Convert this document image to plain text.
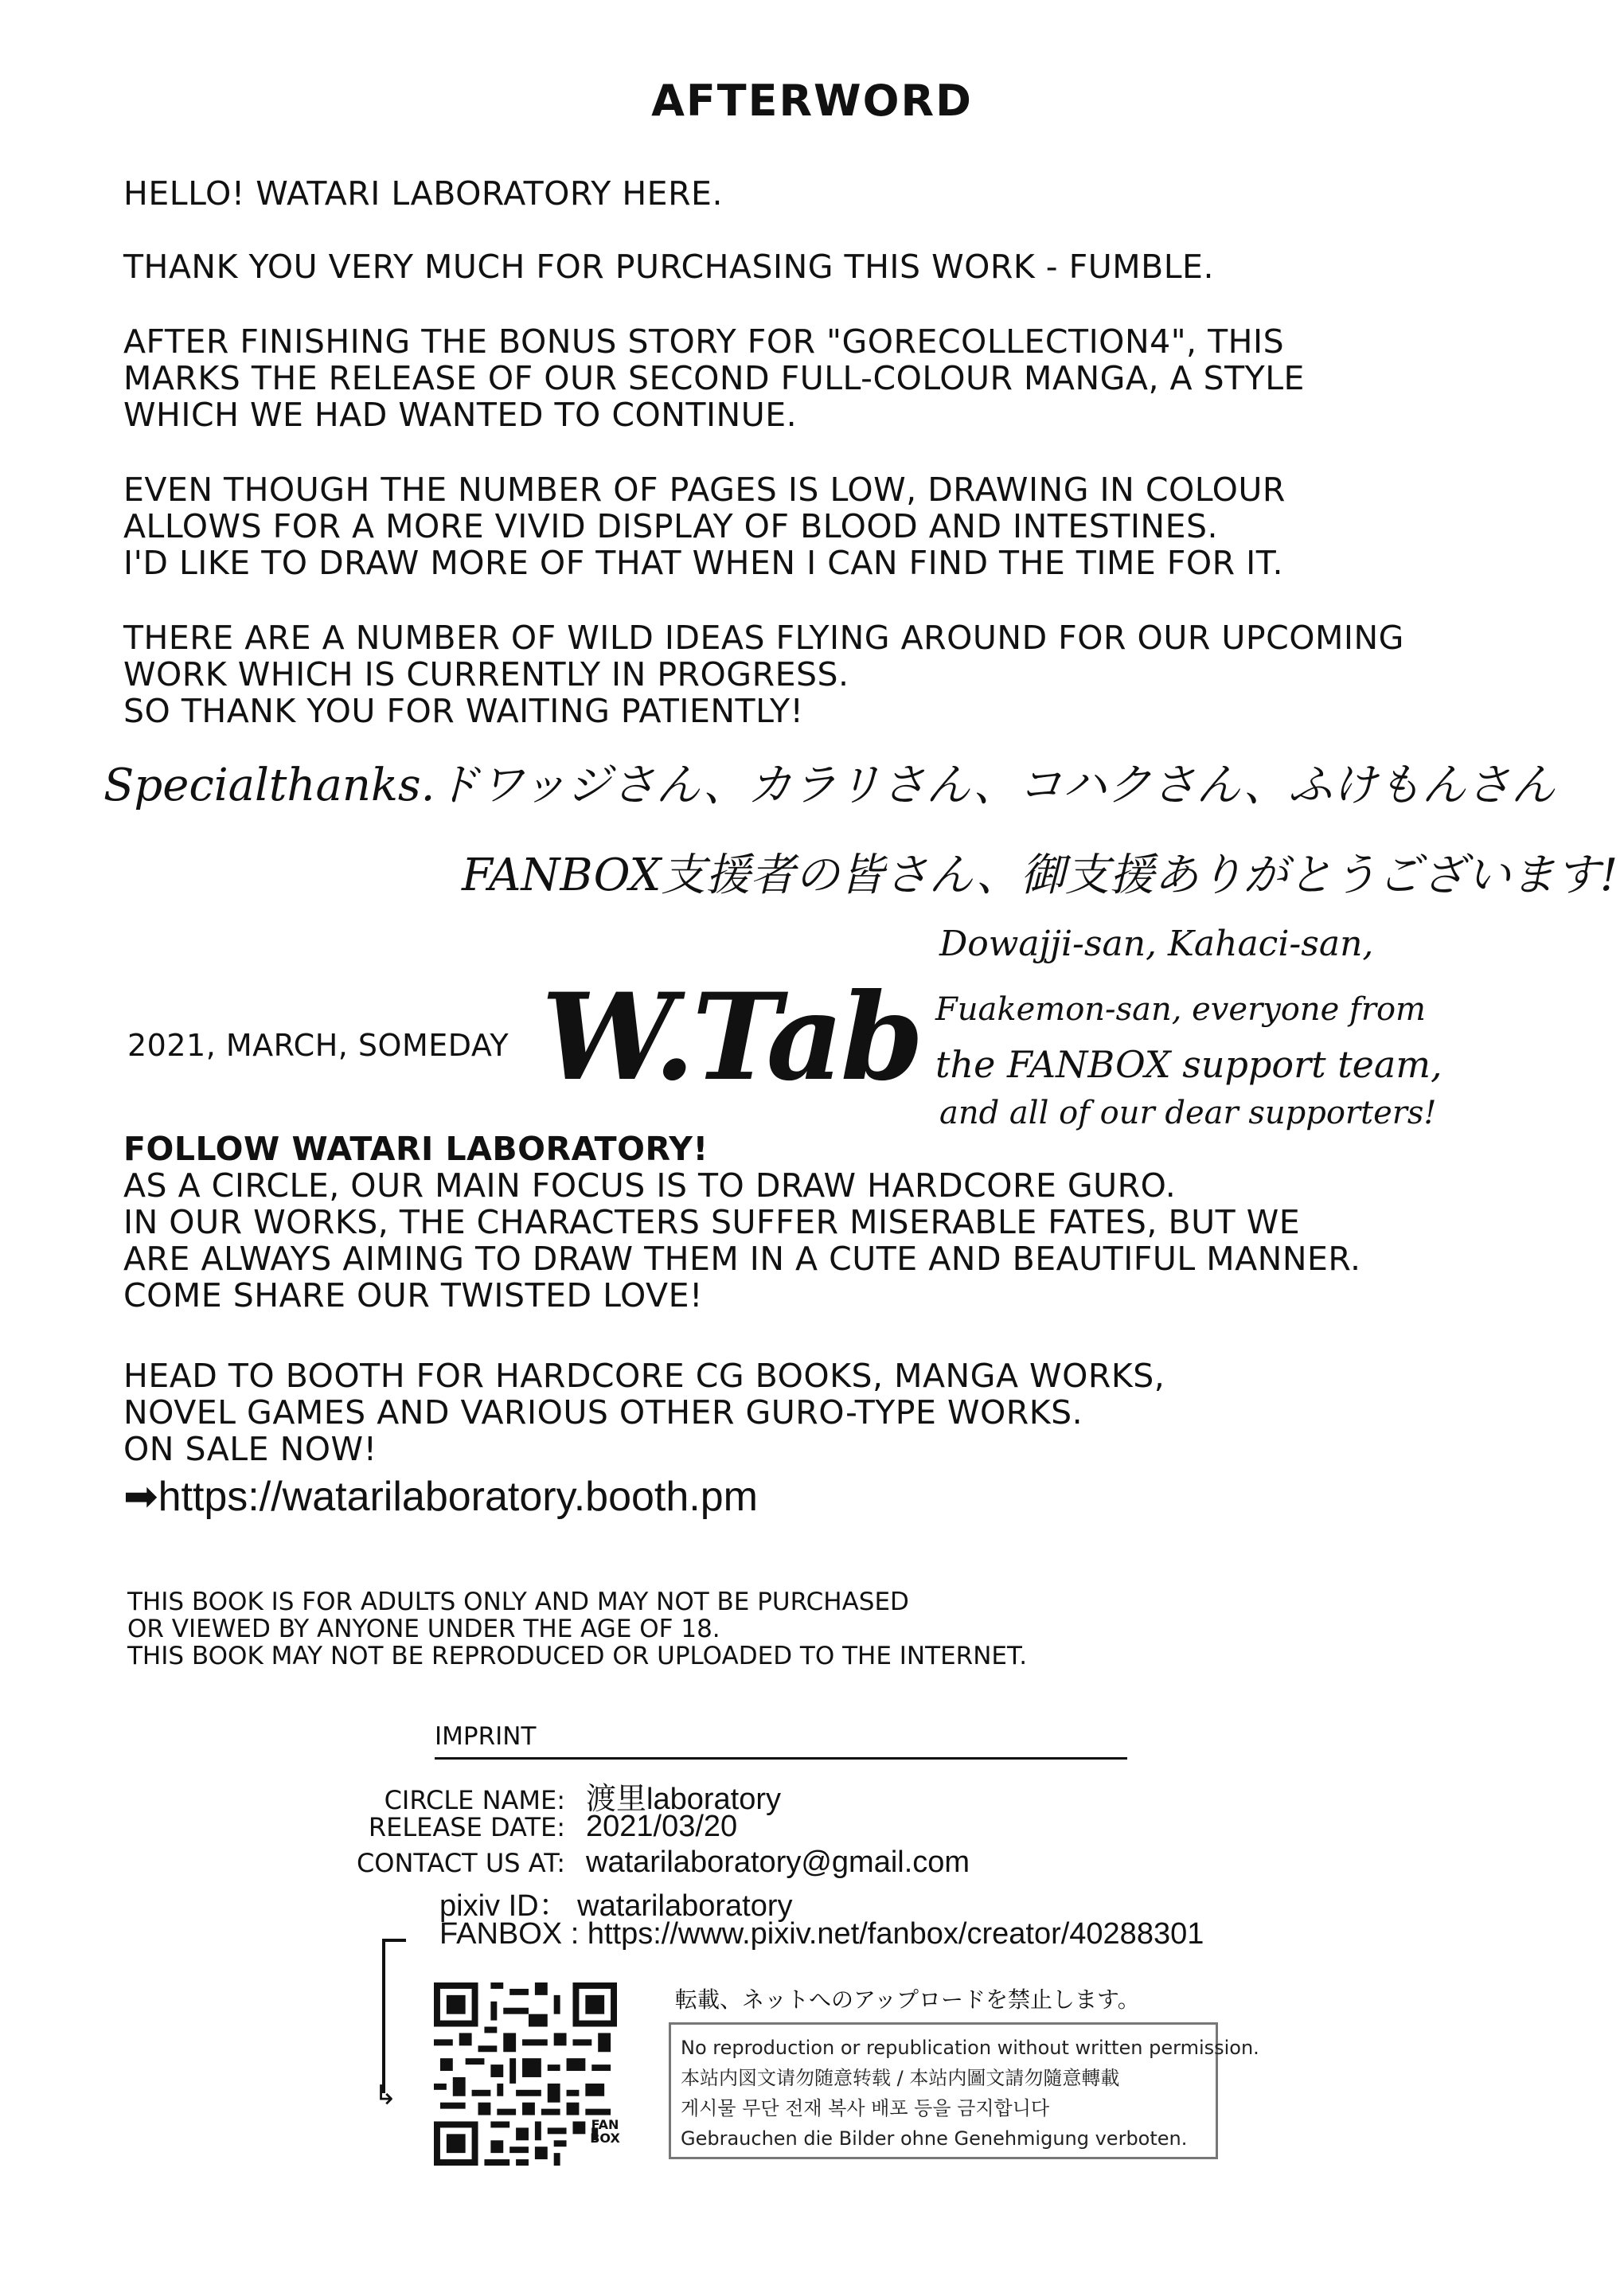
AFTERWORD
HELLO! WATARI LABORATORY HERE.
THANK YOU VERY MUCH FOR PURCHASING THIS WORK - FUMBLE.
AFTER FINISHING THE BONUS STORY FOR "GORECOLLECTION4", THIS
MARKS THE RELEASE OF OUR SECOND FULL-COLOUR MANGA, A STYLE
WHICH WE HAD WANTED TO CONTINUE.
EVEN THOUGH THE NUMBER OF PAGES IS LOW, DRAWING IN COLOUR
ALLOWS FOR A MORE VIVID DISPLAY OF BLOOD AND INTESTINES.
I'D LIKE TO DRAW MORE OF THAT WHEN I CAN FIND THE TIME FOR IT.
THERE ARE A NUMBER OF WILD IDEAS FLYING AROUND FOR OUR UPCOMING
WORK WHICH IS CURRENTLY IN PROGRESS.
SO THANK YOU FOR WAITING PATIENTLY!
Specialthanks.ドワッジさん、カラリさん、コハクさん、ふけもんさん
FANBOX支援者の皆さん、御支援ありがとうございます!
2021, MARCH, SOMEDAY W.Tab
Dowajji-san, Kahaci-san,
Fuakemon-san, everyone from
the FANBOX support team,
and all of our dear supporters!
FOLLOW WATARI LABORATORY!
AS A CIRCLE, OUR MAIN FOCUS IS TO DRAW HARDCORE GURO.
IN OUR WORKS, THE CHARACTERS SUFFER MISERABLE FATES, BUT WE
ARE ALWAYS AIMING TO DRAW THEM IN A CUTE AND BEAUTIFUL MANNER.
COME SHARE OUR TWISTED LOVE!
HEAD TO BOOTH FOR HARDCORE CG BOOKS, MANGA WORKS,
NOVEL GAMES AND VARIOUS OTHER GURO-TYPE WORKS.
ON SALE NOW!
➡https://watarilaboratory.booth.pm
THIS BOOK IS FOR ADULTS ONLY AND MAY NOT BE PURCHASED
OR VIEWED BY ANYONE UNDER THE AGE OF 18.
THIS BOOK MAY NOT BE REPRODUCED OR UPLOADED TO THE INTERNET.
IMPRINT
CIRCLE NAME: 渡里laboratory
RELEASE DATE: 2021/03/20
CONTACT US AT: watarilaboratory@gmail.com
pixiv ID： watarilaboratory
FANBOX : https://www.pixiv.net/fanbox/creator/40288301
↳
FAN
BOX
転載、ネットへのアップロードを禁止します。
No reproduction or republication without written permission.
本站内図文请勿随意转载 / 本站内圖文請勿隨意轉載
게시물 무단 전재 복사 배포 등을 금지합니다
Gebrauchen die Bilder ohne Genehmigung verboten.
